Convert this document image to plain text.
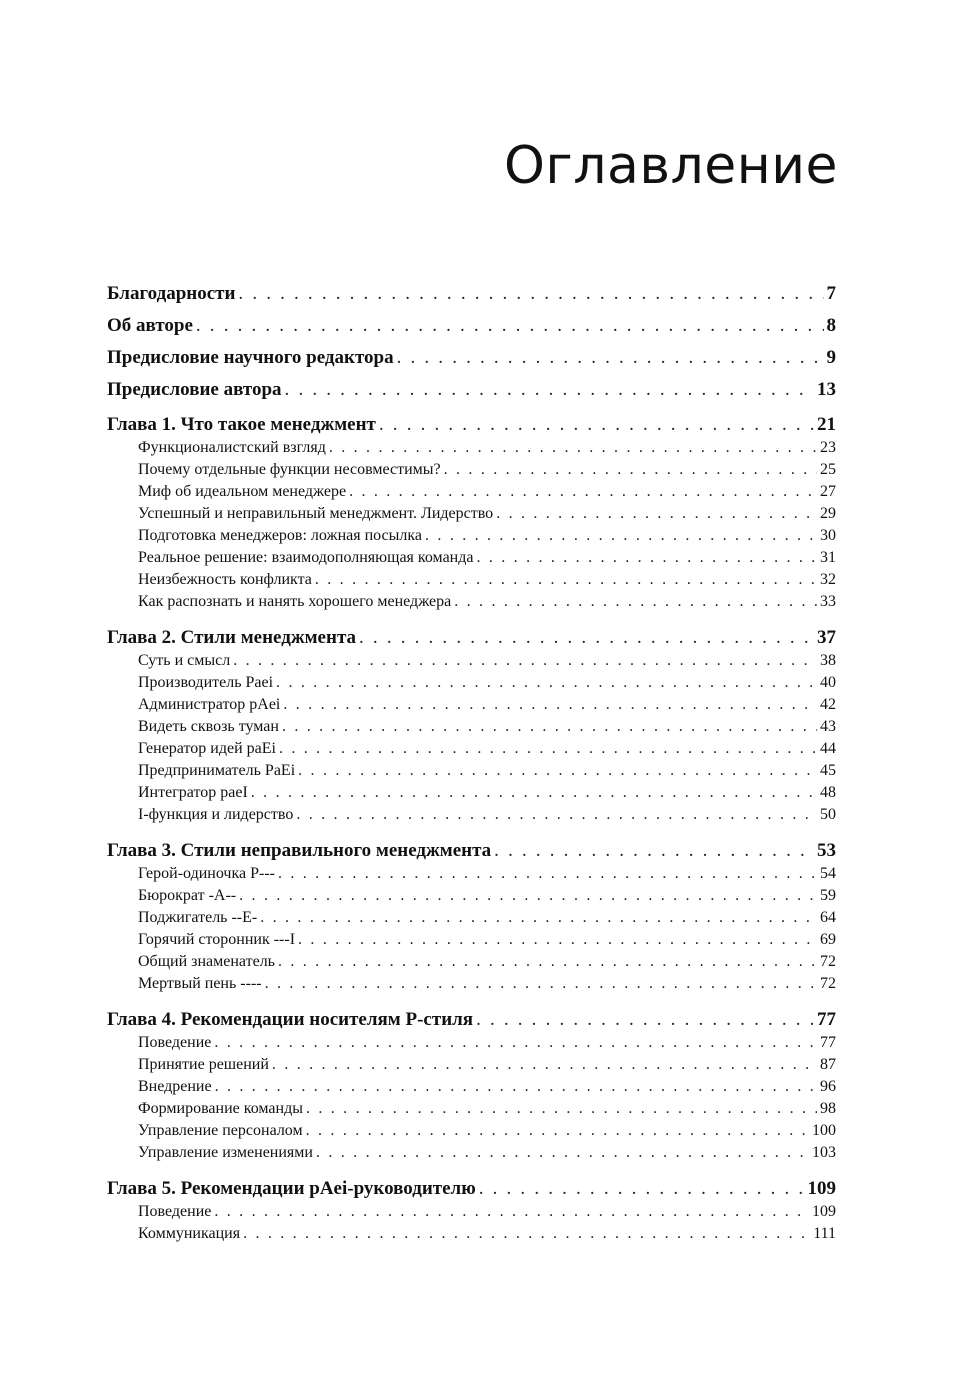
Оглавление
Благодарности . . .	7
Об авторе . . .	8
Предисловие научного редактора . . .	9
Предисловие автора . . .	13
Глава 1. Что такое менеджмент . . .	21
Функционалистский взгляд . . .	23
Почему отдельные функции несовместимы? . . .	25
Миф об идеальном менеджере . . .	27
Успешный и неправильный менеджмент. Лидерство . . .	29
Подготовка менеджеров: ложная посылка . . .	30
Реальное решение: взаимодополняющая команда . . .	31
Неизбежность конфликта . . .	32
Как распознать и нанять хорошего менеджера . . .	33
Глава 2. Стили менеджмента . . .	37
Суть и смысл . . .	38
Производитель Paei . . .	40
Администратор pAei . . .	42
Видеть сквозь туман . . .	43
Генератор идей paEi . . .	44
Предприниматель PaEi . . .	45
Интегратор paeI . . .	48
I-функция и лидерство . . .	50
Глава 3. Стили неправильного менеджмента . . .	53
Герой-одиночка P--- . . .	54
Бюрократ -A-- . . .	59
Поджигатель --E- . . .	64
Горячий сторонник ---I . . .	69
Общий знаменатель . . .	72
Мертвый пень ---- . . .	72
Глава 4. Рекомендации носителям P-стиля . . .	77
Поведение . . .	77
Принятие решений . . .	87
Внедрение . . .	96
Формирование команды . . .	98
Управление персоналом . . .	100
Управление изменениями . . .	103
Глава 5. Рекомендации pAei-руководителю . . .	109
Поведение . . .	109
Коммуникация . . .	111
